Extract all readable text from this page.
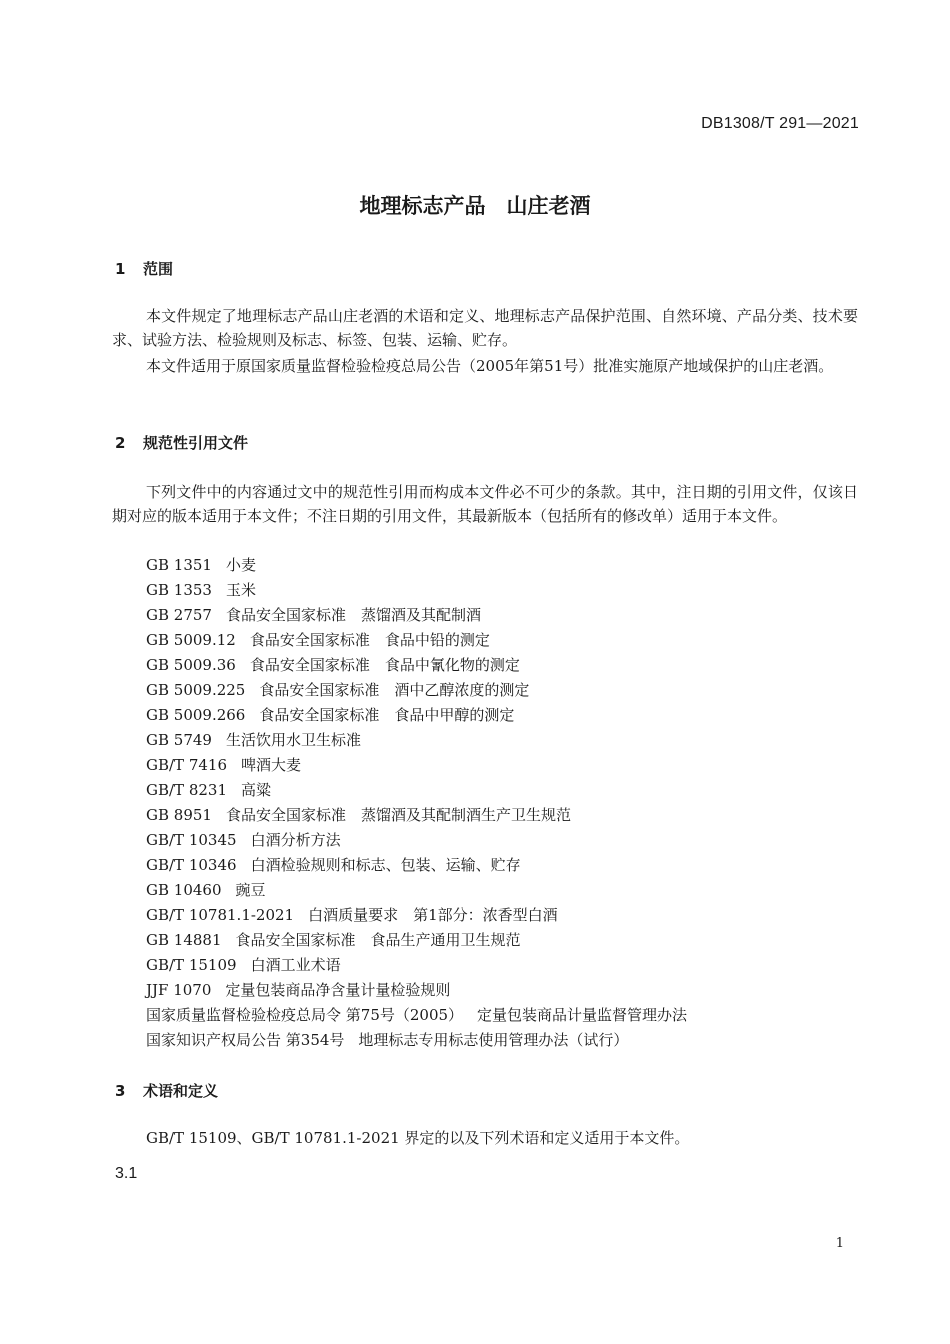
DB1308/T 291—2021
地理标志产品　山庄老酒
1 范围

本文件规定了地理标志产品山庄老酒的术语和定义、地理标志产品保护范围、自然环境、产品分类、技术要求、试验方法、检验规则及标志、标签、包装、运输、贮存。

本文件适用于原国家质量监督检验检疫总局公告（2005年第51号）批准实施原产地域保护的山庄老酒。

2 规范性引用文件

下列文件中的内容通过文中的规范性引用而构成本文件必不可少的条款。其中，注日期的引用文件，仅该日期对应的版本适用于本文件；不注日期的引用文件，其最新版本（包括所有的修改单）适用于本文件。

GB 1351 小麦
GB 1353 玉米
GB 2757 食品安全国家标准　蒸馏酒及其配制酒
GB 5009.12 食品安全国家标准　食品中铅的测定
GB 5009.36 食品安全国家标准　食品中氰化物的测定
GB 5009.225 食品安全国家标准　酒中乙醇浓度的测定
GB 5009.266 食品安全国家标准　食品中甲醇的测定
GB 5749 生活饮用水卫生标准
GB/T 7416 啤酒大麦
GB/T 8231 高粱
GB 8951 食品安全国家标准　蒸馏酒及其配制酒生产卫生规范
GB/T 10345 白酒分析方法
GB/T 10346 白酒检验规则和标志、包装、运输、贮存
GB 10460 豌豆
GB/T 10781.1-2021 白酒质量要求　第1部分：浓香型白酒
GB 14881 食品安全国家标准　食品生产通用卫生规范
GB/T 15109 白酒工业术语
JJF 1070 定量包装商品净含量计量检验规则
国家质量监督检验检疫总局令 第75号（2005） 定量包装商品计量监督管理办法
国家知识产权局公告 第354号 地理标志专用标志使用管理办法（试行）
3 术语和定义

GB/T 15109、GB/T 10781.1-2021 界定的以及下列术语和定义适用于本文件。

3.1
1
